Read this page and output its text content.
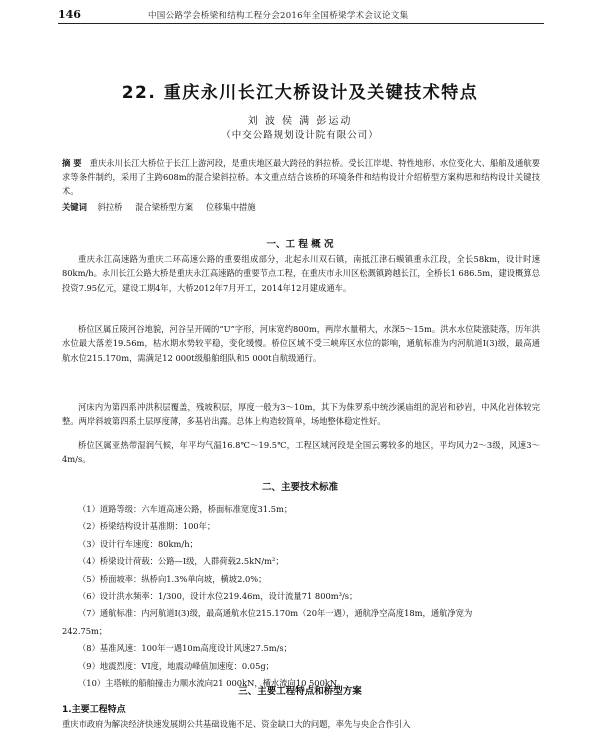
146	中国公路学会桥梁和结构工程分会2016年全国桥梁学术会议论文集
22. 重庆永川长江大桥设计及关键技术特点
刘 波 侯 满 彭运动
（中交公路规划设计院有限公司）
摘 要 重庆永川长江大桥位于长江上游河段，是重庆地区最大跨径的斜拉桥。受长江岸堤、特性地形、水位变化大、船舶及通航要求等条件制约，采用了主跨608m的混合梁斜拉桥。本文重点结合该桥的环境条件和结构设计介绍桥型方案构思和结构设计关键技术。
关键词 斜拉桥 混合梁桥型方案 位移集中措施
一、工 程 概 况

重庆永江高速路为重庆二环高速公路的重要组成部分，北起永川双石镇，南抵江津石蟆镇重永江段，全长58km，设计时速80km/h。永川长江公路大桥是重庆永江高速路的重要节点工程，在重庆市永川区松溉镇跨越长江，全桥长1 686.5m，建设概算总投资7.95亿元，建设工期4年，大桥2012年7月开工，2014年12月建成通车。

桥位区属丘陵河谷地貌，河谷呈开阔的“U”字形，河床宽约800m，两岸水量稍大，水深5～15m。洪水水位陡涨陡落，历年洪水位最大落差19.56m，枯水期水势较平稳，变化缓慢。桥位区域不受三峡库区水位的影响，通航标准为内河航道I(3)级，最高通航水位215.170m，需满足12 000t级船舶组队和5 000t自航级通行。

河床内为第四系冲洪积层覆盖，残坡积层，厚度一般为3～10m，其下为侏罗系中统沙溪庙组的泥岩和砂岩，中风化岩体较完整。两岸斜坡第四系土层厚度薄，多基岩出露。总体上构造较简单，场地整体稳定性好。

桥位区属亚热带湿润气候，年平均气温16.8℃～19.5℃，工程区域河段是全国云雾较多的地区，平均风力2～3级，风速3～4m/s。

二、主要技术标准
（1）道路等级：六车道高速公路，桥面标准宽度31.5m；
（2）桥梁结构设计基准期：100年；
（3）设计行车速度：80km/h；
（4）桥梁设计荷载：公路—I级，人群荷载2.5kN/m²；
（5）桥面坡率：纵桥向1.3%单向坡，横坡2.0%；
（6）设计洪水频率：1/300，设计水位219.46m，设计流量71 800m³/s；
（7）通航标准：内河航道I(3)级，最高通航水位215.170m（20年一遇），通航净空高度18m，通航净宽为
242.75m；
（8）基准风速：100年一遇10m高度设计风速27.5m/s；
（9）地震烈度：VI度，地震动峰值加速度：0.05g；
（10）主塔帐的船舶撞击力顺水流向21 000kN，横水流向10 500kN。
三、主要工程特点和桥型方案
1.主要工程特点
重庆市政府为解决经济快速发展期公共基础设施不足、资金缺口大的问题，率先与央企合作引入
